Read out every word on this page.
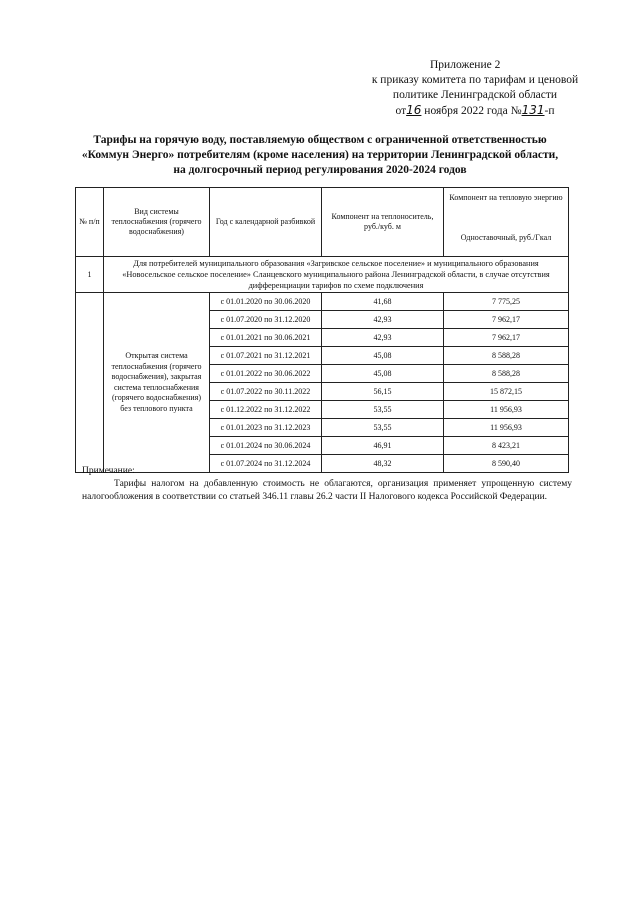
Приложение 2
к приказу комитета по тарифам и ценовой
политике Ленинградской области
от16 ноября 2022 года №131-п
Тарифы на горячую воду, поставляемую обществом с ограниченной ответственностью
«Коммун Энерго» потребителям (кроме населения) на территории Ленинградской области,
на долгосрочный период регулирования 2020-2024 годов
№ п/п	Вид системы теплоснабжения (горячего водоснабжения)	Год с календарной разбивкой	Компонент на теплоноситель, руб./куб. м	Компонент на тепловую энергию
Одноставочный, руб./Гкал

1	Для потребителей муниципального образования «Загривское сельское поселение» и муниципального образования «Новосельское сельское поселение» Сланцевского муниципального района Ленинградской области, в случае отсутствия дифференциации тарифов по схеме подключения			
	Открытая система теплоснабжения (горячего водоснабжения), закрытая система теплоснабжения (горячего водоснабжения) без теплового пункта	с 01.01.2020 по 30.06.2020	41,68	7 775,25
		с 01.07.2020 по 31.12.2020	42,93	7 962,17
		с 01.01.2021 по 30.06.2021	42,93	7 962,17
		с 01.07.2021 по 31.12.2021	45,08	8 588,28
		с 01.01.2022 по 30.06.2022	45,08	8 588,28
		с 01.07.2022 по 30.11.2022	56,15	15 872,15
		с 01.12.2022 по 31.12.2022	53,55	11 956,93
		с 01.01.2023 по 31.12.2023	53,55	11 956,93
		с 01.01.2024 по 30.06.2024	46,91	8 423,21
		с 01.07.2024 по 31.12.2024	48,32	8 590,40
Примечание:
Тарифы налогом на добавленную стоимость не облагаются, организация применяет упрощенную систему налогообложения в соответствии со статьей 346.11 главы 26.2 части II Налогового кодекса Российской Федерации.
